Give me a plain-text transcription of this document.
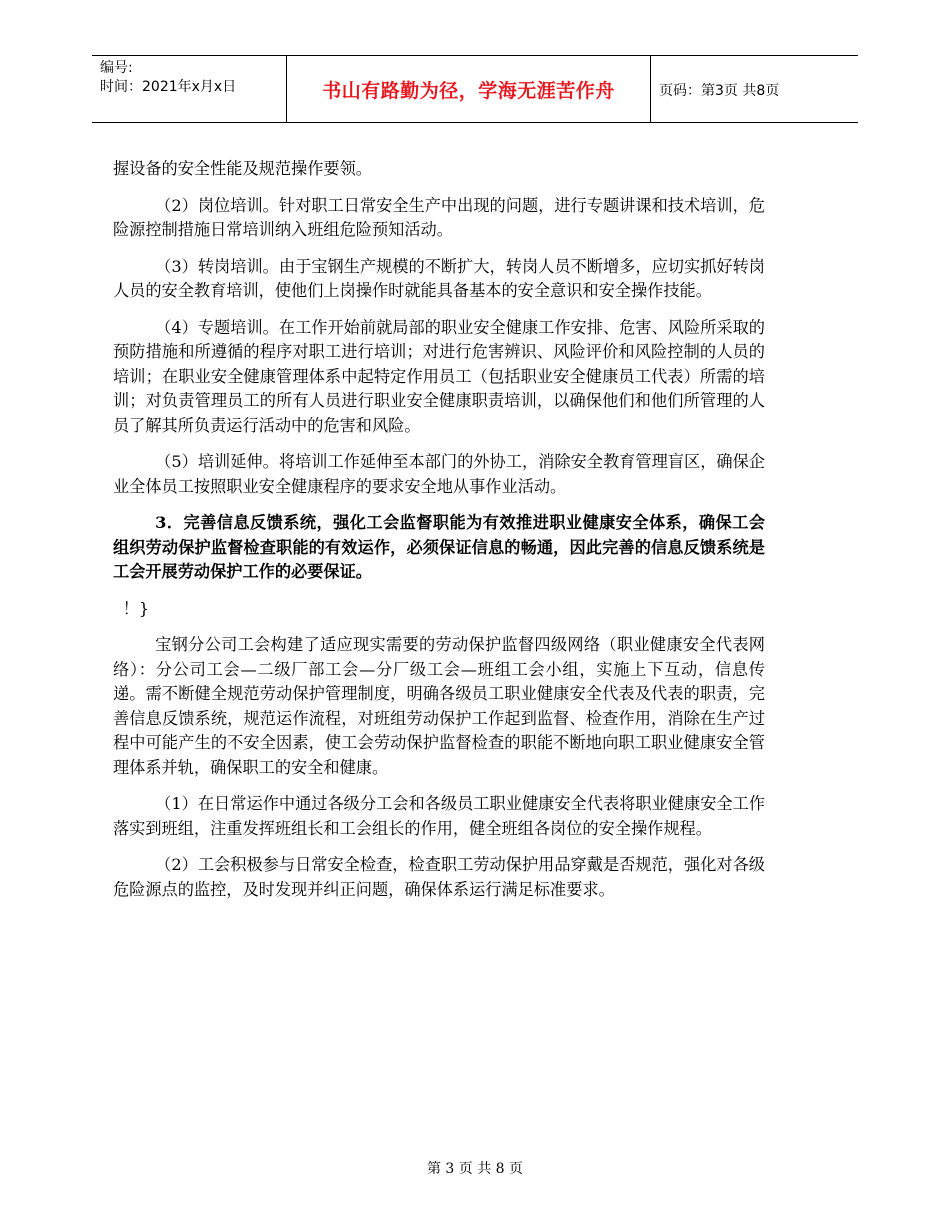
编号:
时间：2021年x月x日	书山有路勤为径，学海无涯苦作舟	页码：第3页 共8页

握设备的安全性能及规范操作要领。

（2）岗位培训。针对职工日常安全生产中出现的问题，进行专题讲课和技术培训，危险源控制措施日常培训纳入班组危险预知活动。

（3）转岗培训。由于宝钢生产规模的不断扩大，转岗人员不断增多，应切实抓好转岗人员的安全教育培训，使他们上岗操作时就能具备基本的安全意识和安全操作技能。

（4）专题培训。在工作开始前就局部的职业安全健康工作安排、危害、风险所采取的预防措施和所遵循的程序对职工进行培训；对进行危害辨识、风险评价和风险控制的人员的培训；在职业安全健康管理体系中起特定作用员工（包括职业安全健康员工代表）所需的培训；对负责管理员工的所有人员进行职业安全健康职责培训，以确保他们和他们所管理的人员了解其所负责运行活动中的危害和风险。

（5）培训延伸。将培训工作延伸至本部门的外协工，消除安全教育管理盲区，确保企业全体员工按照职业安全健康程序的要求安全地从事作业活动。

3．完善信息反馈系统，强化工会监督职能为有效推进职业健康安全体系，确保工会组织劳动保护监督检查职能的有效运作，必须保证信息的畅通，因此完善的信息反馈系统是工会开展劳动保护工作的必要保证。

！}

宝钢分公司工会构建了适应现实需要的劳动保护监督四级网络（职业健康安全代表网络）：分公司工会—二级厂部工会—分厂级工会—班组工会小组，实施上下互动，信息传递。需不断健全规范劳动保护管理制度，明确各级员工职业健康安全代表及代表的职责，完善信息反馈系统，规范运作流程，对班组劳动保护工作起到监督、检查作用，消除在生产过程中可能产生的不安全因素，使工会劳动保护监督检查的职能不断地向职工职业健康安全管理体系并轨，确保职工的安全和健康。

（1）在日常运作中通过各级分工会和各级员工职业健康安全代表将职业健康安全工作落实到班组，注重发挥班组长和工会组长的作用，健全班组各岗位的安全操作规程。

（2）工会积极参与日常安全检查，检查职工劳动保护用品穿戴是否规范，强化对各级危险源点的监控，及时发现并纠正问题，确保体系运行满足标准要求。

第 3 页 共 8 页
